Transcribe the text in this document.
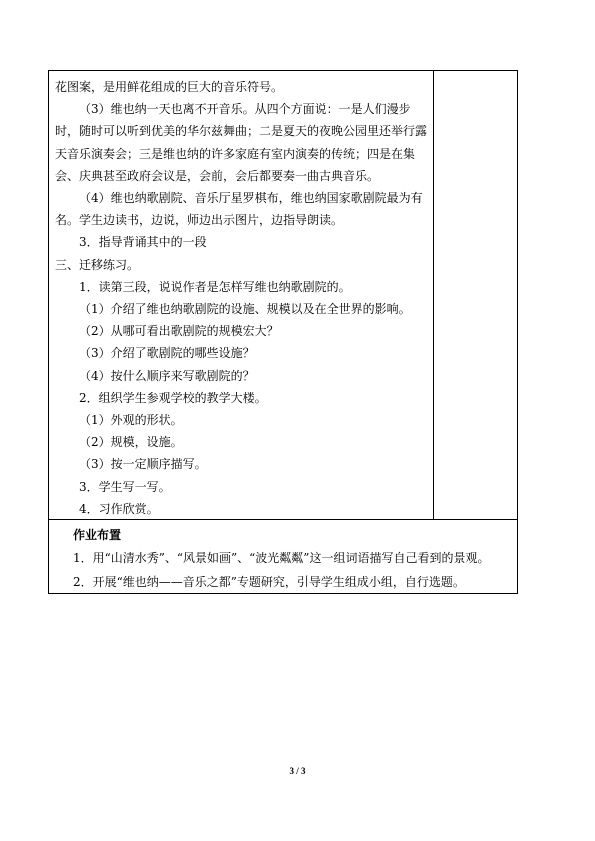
花图案，是用鲜花组成的巨大的音乐符号。
（3）维也纳一天也离不开音乐。从四个方面说：一是人们漫步
时，随时可以听到优美的华尔兹舞曲；二是夏天的夜晚公园里还举行露
天音乐演奏会；三是维也纳的许多家庭有室内演奏的传统；四是在集
会、庆典甚至政府会议是，会前，会后都要奏一曲古典音乐。
（4）维也纳歌剧院、音乐厅星罗棋布，维也纳国家歌剧院最为有
名。学生边读书，边说，师边出示图片，边指导朗读。
3．指导背诵其中的一段
三、迁移练习。
1．读第三段，说说作者是怎样写维也纳歌剧院的。
（1）介绍了维也纳歌剧院的设施、规模以及在全世界的影响。
（2）从哪可看出歌剧院的规模宏大？
（3）介绍了歌剧院的哪些设施？
（4）按什么顺序来写歌剧院的？
2．组织学生参观学校的教学大楼。
（1）外观的形状。
（2）规模，设施。
（3）按一定顺序描写。
3．学生写一写。
4．习作欣赏。
作业布置
1．用“山清水秀”、“风景如画”、“波光粼粼”这一组词语描写自己看到的景观。
2．开展“维也纳——音乐之都”专题研究，引导学生组成小组，自行选题。
3 / 3
